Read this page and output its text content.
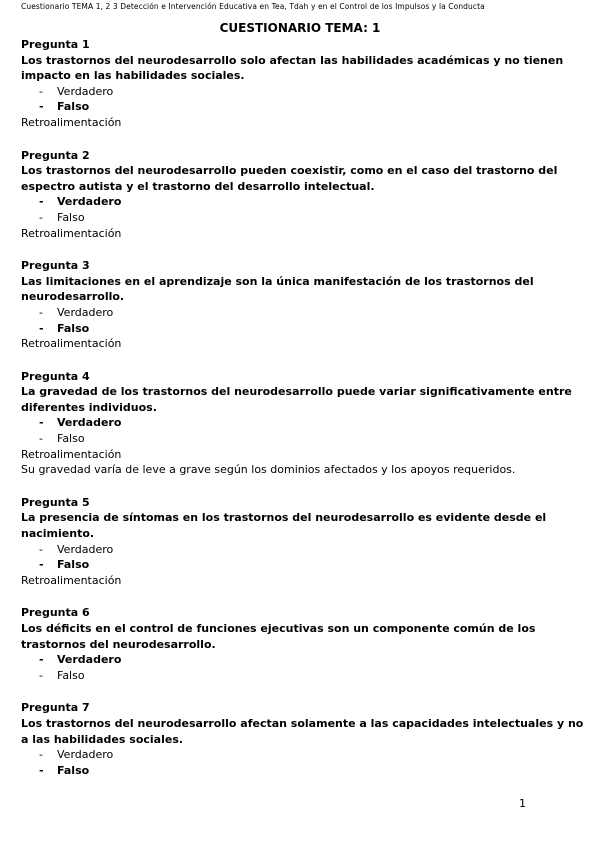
Cuestionario TEMA 1, 2 3 Detección e Intervención Educativa en Tea, Tdah y en el Control de los Impulsos y la Conducta
CUESTIONARIO TEMA: 1
Pregunta 1
Los trastornos del neurodesarrollo solo afectan las habilidades académicas y no tienen impacto en las habilidades sociales.
-	Verdadero
-	Falso
Retroalimentación
Pregunta 2
Los trastornos del neurodesarrollo pueden coexistir, como en el caso del trastorno del espectro autista y el trastorno del desarrollo intelectual.
-	Verdadero
-	Falso
Retroalimentación
Pregunta 3
Las limitaciones en el aprendizaje son la única manifestación de los trastornos del neurodesarrollo.
-	Verdadero
-	Falso
Retroalimentación
Pregunta 4
La gravedad de los trastornos del neurodesarrollo puede variar significativamente entre diferentes individuos.
-	Verdadero
-	Falso
Retroalimentación
Su gravedad varía de leve a grave según los dominios afectados y los apoyos requeridos.
Pregunta 5
La presencia de síntomas en los trastornos del neurodesarrollo es evidente desde el nacimiento.
-	Verdadero
-	Falso
Retroalimentación
Pregunta 6
Los déficits en el control de funciones ejecutivas son un componente común de los trastornos del neurodesarrollo.
-	Verdadero
-	Falso
Pregunta 7
Los trastornos del neurodesarrollo afectan solamente a las capacidades intelectuales y no a las habilidades sociales.
-	Verdadero
-	Falso
1
